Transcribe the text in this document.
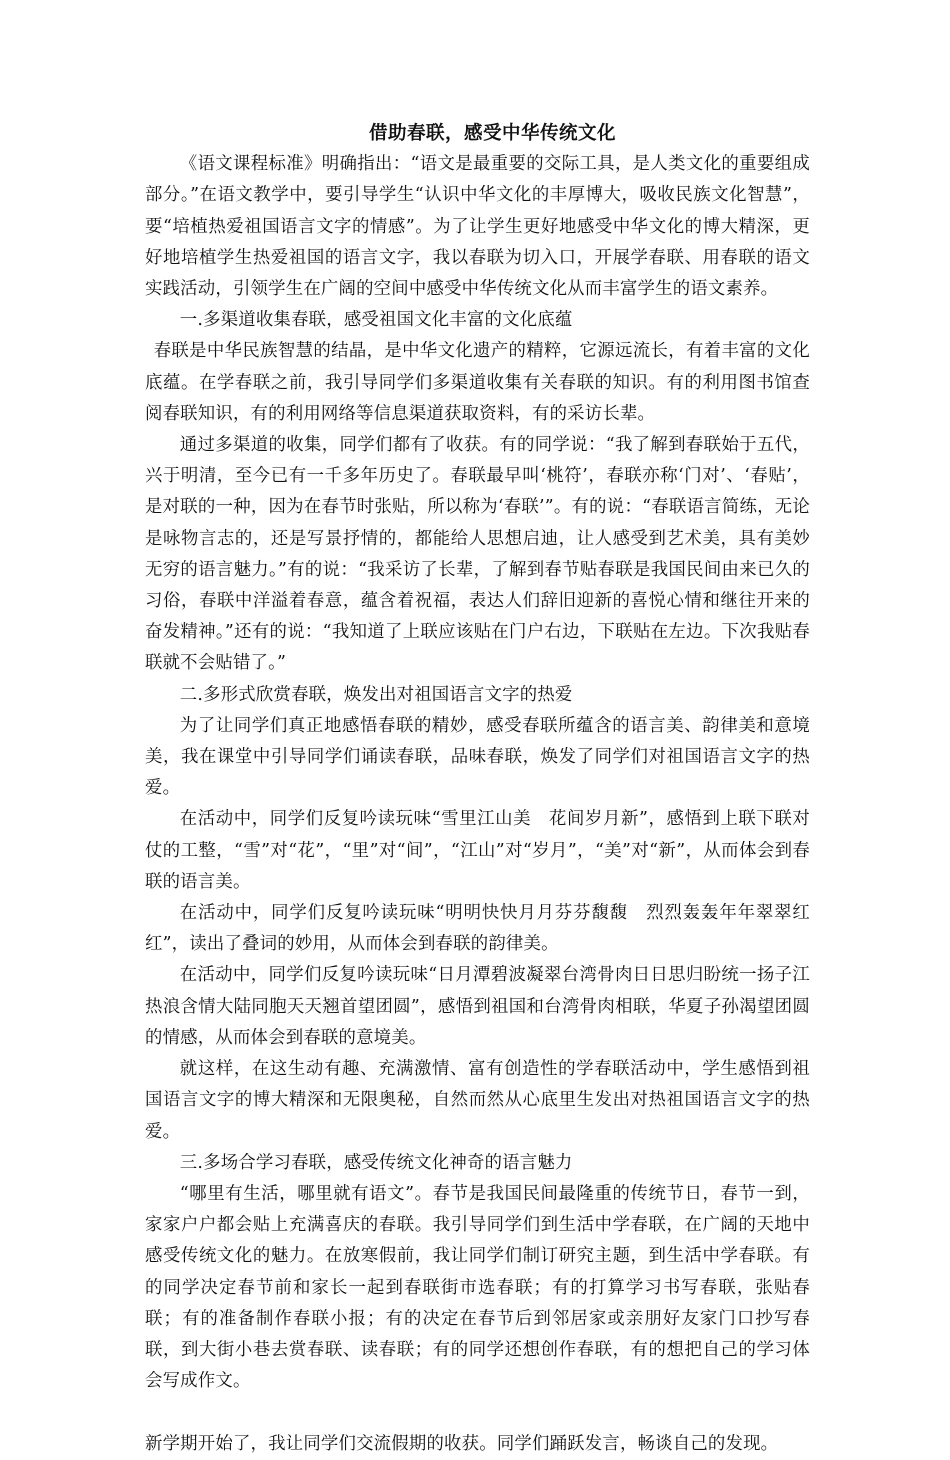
借助春联，感受中华传统文化

《语文课程标准》明确指出：“语文是最重要的交际工具，是人类文化的重要组成部分。”在语文教学中，要引导学生“认识中华文化的丰厚博大，吸收民族文化智慧”，要“培植热爱祖国语言文字的情感”。为了让学生更好地感受中华文化的博大精深，更好地培植学生热爱祖国的语言文字，我以春联为切入口，开展学春联、用春联的语文实践活动，引领学生在广阔的空间中感受中华传统文化从而丰富学生的语文素养。

一.多渠道收集春联，感受祖国文化丰富的文化底蕴

春联是中华民族智慧的结晶，是中华文化遗产的精粹，它源远流长，有着丰富的文化底蕴。在学春联之前，我引导同学们多渠道收集有关春联的知识。有的利用图书馆查阅春联知识，有的利用网络等信息渠道获取资料，有的采访长辈。

通过多渠道的收集，同学们都有了收获。有的同学说：“我了解到春联始于五代，兴于明清，至今已有一千多年历史了。春联最早叫‘桃符’，春联亦称‘门对’、‘春贴’，是对联的一种，因为在春节时张贴，所以称为‘春联’”。有的说：“春联语言简练，无论是咏物言志的，还是写景抒情的，都能给人思想启迪，让人感受到艺术美，具有美妙无穷的语言魅力。”有的说：“我采访了长辈，了解到春节贴春联是我国民间由来已久的习俗，春联中洋溢着春意，蕴含着祝福，表达人们辞旧迎新的喜悦心情和继往开来的奋发精神。”还有的说：“我知道了上联应该贴在门户右边，下联贴在左边。下次我贴春联就不会贴错了。”

二.多形式欣赏春联，焕发出对祖国语言文字的热爱

为了让同学们真正地感悟春联的精妙，感受春联所蕴含的语言美、韵律美和意境美，我在课堂中引导同学们诵读春联，品味春联，焕发了同学们对祖国语言文字的热爱。

在活动中，同学们反复吟读玩味“雪里江山美　花间岁月新”，感悟到上联下联对仗的工整，“雪”对“花”，“里”对“间”，“江山”对“岁月”，“美”对“新”，从而体会到春联的语言美。

在活动中，同学们反复吟读玩味“明明快快月月芬芬馥馥　烈烈轰轰年年翠翠红红”，读出了叠词的妙用，从而体会到春联的韵律美。

在活动中，同学们反复吟读玩味“日月潭碧波凝翠台湾骨肉日日思归盼统一扬子江热浪含情大陆同胞天天翘首望团圆”，感悟到祖国和台湾骨肉相联，华夏子孙渴望团圆的情感，从而体会到春联的意境美。

就这样，在这生动有趣、充满激情、富有创造性的学春联活动中，学生感悟到祖国语言文字的博大精深和无限奥秘，自然而然从心底里生发出对热祖国语言文字的热爱。

三.多场合学习春联，感受传统文化神奇的语言魅力

“哪里有生活，哪里就有语文”。春节是我国民间最隆重的传统节日，春节一到，家家户户都会贴上充满喜庆的春联。我引导同学们到生活中学春联，在广阔的天地中感受传统文化的魅力。在放寒假前，我让同学们制订研究主题，到生活中学春联。有的同学决定春节前和家长一起到春联街市选春联；有的打算学习书写春联，张贴春联；有的准备制作春联小报；有的决定在春节后到邻居家或亲朋好友家门口抄写春联，到大街小巷去赏春联、读春联；有的同学还想创作春联，有的想把自己的学习体会写成作文。

新学期开始了，我让同学们交流假期的收获。同学们踊跃发言，畅谈自己的发现。
